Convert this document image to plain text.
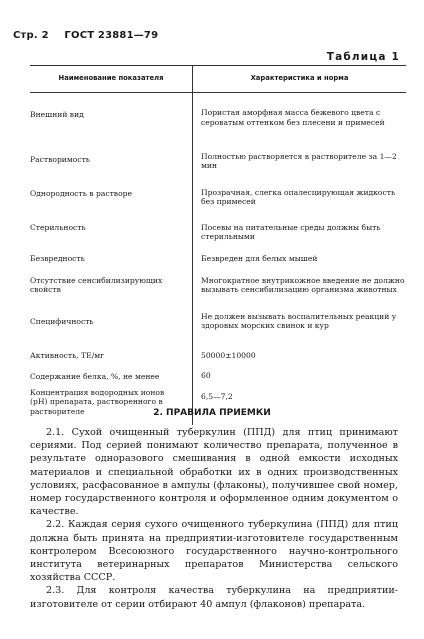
Стр. 2 ГОСТ 23881—79
Таблица 1
Наименование показателя	Характеристика и норма
Внешний вид	Пористая аморфная масса бежевого цвета с сероватым оттенком без плесени и примесей
Растворимость	Полностью растворяется в растворителе за 1—2 мин
Однородность в растворе	Прозрачная, слегка опалесцирующая жидкость без примесей
Стерильность	Посевы на питательные среды должны быть стерильными
Безвредность	Безвреден для белых мышей
Отсутствие сенсибилизирующих свойств	Многократное внутрикожное введение не должно вызывать сенсибилизацию организма животных
Специфичность	Не должен вызывать воспалительных реакций у здоровых морских свинок и кур
Активность, ТЕ/мг	50000±10000
Содержание белка, %, не менее	60
Концентрация водородных ионов (рН) препарата, растворенного в растворителе	6,5—7,2
2. ПРАВИЛА ПРИЕМКИ

2.1. Сухой очищенный туберкулин (ППД) для птиц принимают сериями. Под серией понимают количество препарата, полученное в результате одноразового смешивания в одной емкости исходных материалов и специальной обработки их в одних производственных условиях, расфасованное в ампулы (флаконы), получившее свой номер, номер государственного контроля и оформленное одним документом о качестве.

2.2. Каждая серия сухого очищенного туберкулина (ППД) для птиц должна быть принята на предприятии-изготовителе государственным контролером Всесоюзного государственного научно-контрольного института ветеринарных препаратов Министерства сельского хозяйства СССР.

2.3. Для контроля качества туберкулина на предприятии-изготовителе от серии отбирают 40 ампул (флаконов) препарата.
